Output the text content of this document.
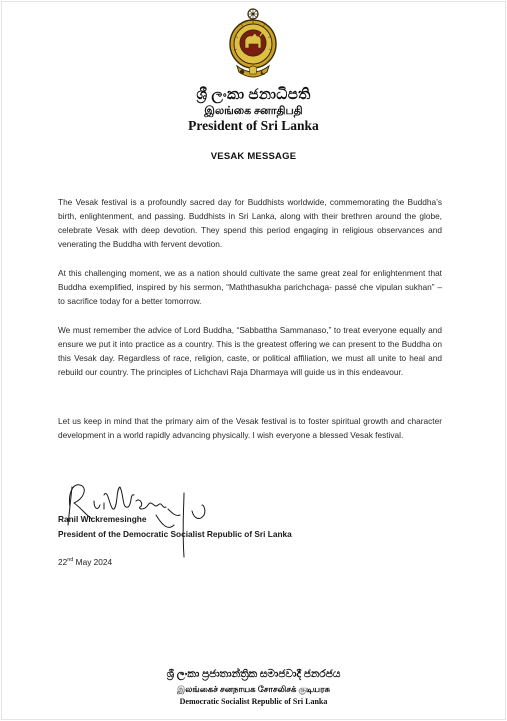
ශ්‍රී ලංකා ජනාධිපති
இலங்கை சனாதிபதி
President of Sri Lanka
VESAK MESSAGE

The Vesak festival is a profoundly sacred day for Buddhists worldwide, commemorating the Buddha’s birth, enlightenment, and passing. Buddhists in Sri Lanka, along with their brethren around the globe, celebrate Vesak with deep devotion. They spend this period engaging in religious observances and venerating the Buddha with fervent devotion.

At this challenging moment, we as a nation should cultivate the same great zeal for enlightenment that Buddha exemplified, inspired by his sermon, “Maththasukha parichchaga- passé che vipulan sukhan” – to sacrifice today for a better tomorrow.

We must remember the advice of Lord Buddha, “Sabbattha Sammanaso,” to treat everyone equally and ensure we put it into practice as a country. This is the greatest offering we can present to the Buddha on this Vesak day. Regardless of race, religion, caste, or political affiliation, we must all unite to heal and rebuild our country. The principles of Lichchavi Raja Dharmaya will guide us in this endeavour.

Let us keep in mind that the primary aim of the Vesak festival is to foster spiritual growth and character development in a world rapidly advancing physically. I wish everyone a blessed Vesak festival.

Ranil Wickremesinghe
President of the Democratic Socialist Republic of Sri Lanka
22nd May 2024
ශ්‍රී ලංකා ප්‍රජාතාන්ත්‍රික සමාජවාදී ජනරජය
இலங்கைச் சனநாயக சோசலிசக் குடியரசு
Democratic Socialist Republic of Sri Lanka
